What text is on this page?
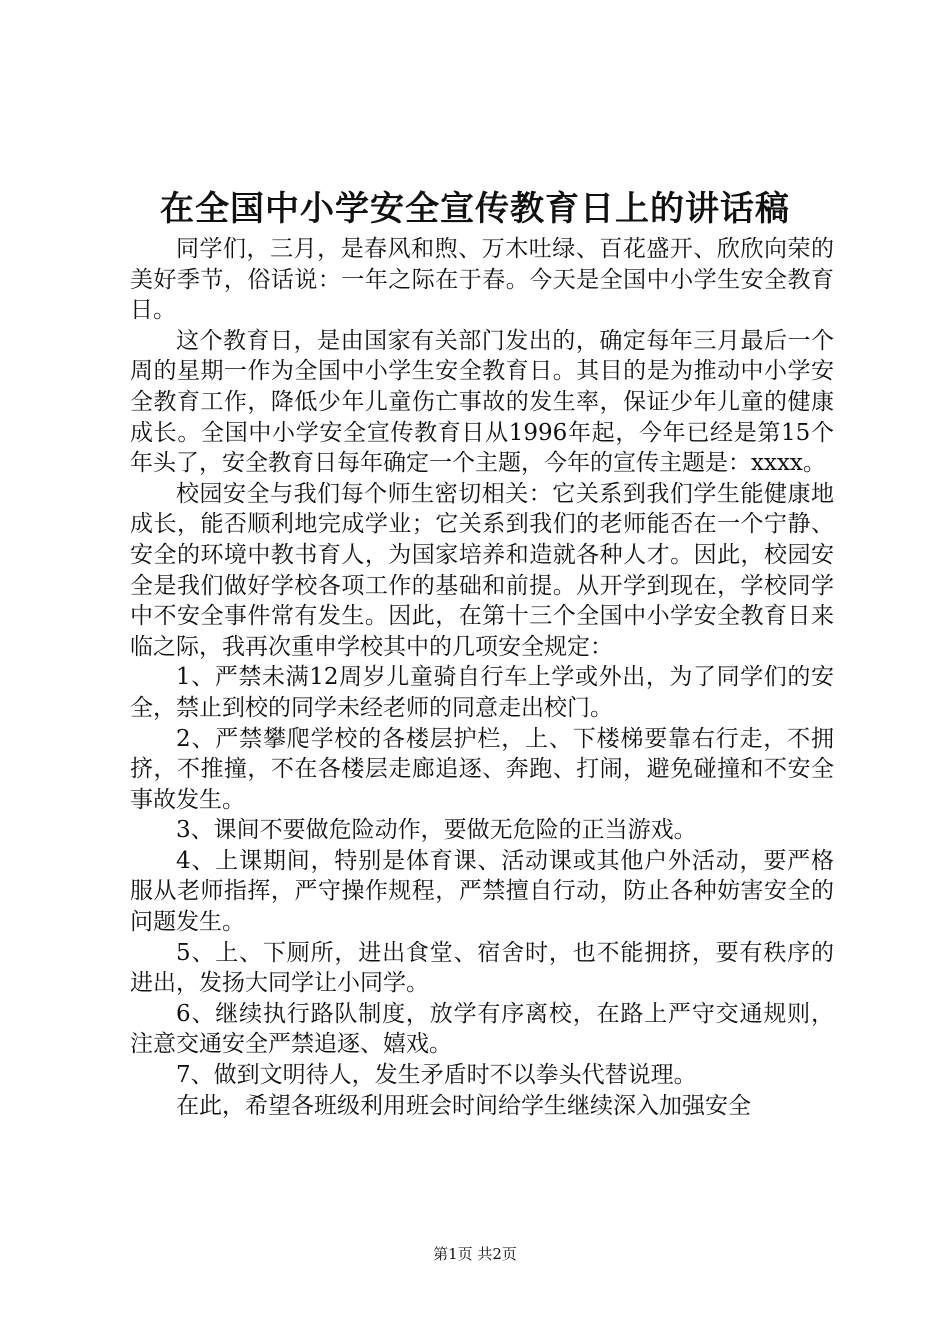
在全国中小学安全宣传教育日上的讲话稿

同学们，三月，是春风和煦、万木吐绿、百花盛开、欣欣向荣的美好季节，俗话说：一年之际在于春。今天是全国中小学生安全教育日。

这个教育日，是由国家有关部门发出的，确定每年三月最后一个周的星期一作为全国中小学生安全教育日。其目的是为推动中小学安全教育工作，降低少年儿童伤亡事故的发生率，保证少年儿童的健康成长。全国中小学安全宣传教育日从1996年起，今年已经是第15个年头了，安全教育日每年确定一个主题，今年的宣传主题是：xxxx。

校园安全与我们每个师生密切相关：它关系到我们学生能健康地成长，能否顺利地完成学业；它关系到我们的老师能否在一个宁静、安全的环境中教书育人，为国家培养和造就各种人才。因此，校园安全是我们做好学校各项工作的基础和前提。从开学到现在，学校同学中不安全事件常有发生。因此，在第十三个全国中小学安全教育日来临之际，我再次重申学校其中的几项安全规定：

1、严禁未满12周岁儿童骑自行车上学或外出，为了同学们的安全，禁止到校的同学未经老师的同意走出校门。

2、严禁攀爬学校的各楼层护栏，上、下楼梯要靠右行走，不拥挤，不推撞，不在各楼层走廊追逐、奔跑、打闹，避免碰撞和不安全事故发生。

3、课间不要做危险动作，要做无危险的正当游戏。

4、上课期间，特别是体育课、活动课或其他户外活动，要严格服从老师指挥，严守操作规程，严禁擅自行动，防止各种妨害安全的问题发生。

5、上、下厕所，进出食堂、宿舍时，也不能拥挤，要有秩序的进出，发扬大同学让小同学。

6、继续执行路队制度，放学有序离校，在路上严守交通规则，注意交通安全严禁追逐、嬉戏。

7、做到文明待人，发生矛盾时不以拳头代替说理。

在此，希望各班级利用班会时间给学生继续深入加强安全

第1页 共2页
